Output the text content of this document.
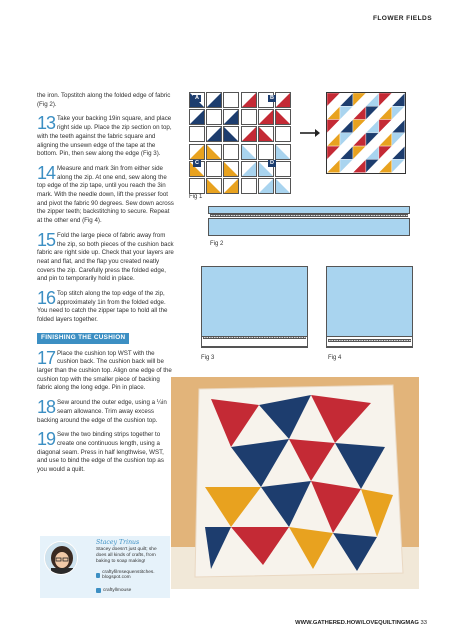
FLOWER FIELDS

the iron. Topstitch along the folded edge of fabric (Fig 2).

13 Take your backing 19in square, and place right side up. Place the zip section on top, with the teeth against the fabric square and aligning the unsewn edge of the tape at the bottom. Pin, then sew along the edge (Fig 3).
14 Measure and mark 3in from either side along the zip. At one end, sew along the top edge of the zip tape, until you reach the 3in mark. With the needle down, lift the presser foot and pivot the fabric 90 degrees. Sew down across the zipper teeth; backstitching to secure. Repeat at the other end (Fig 4).
15 Fold the large piece of fabric away from the zip, so both pieces of the cushion back fabric are right side up. Check that your layers are neat and flat, and the flap you created neatly covers the zip. Carefully press the folded edge, and pin to temporarily hold in place.
16 Top stitch along the top edge of the zip, approximately 1in from the folded edge. You need to catch the zipper tape to hold all the folded layers together.
FINISHING THE CUSHION
17 Place the cushion top WST with the cushion back. The cushion back will be larger than the cushion top. Align one edge of the cushion top with the smaller piece of backing fabric along the long edge. Pin in place.
18 Sew around the outer edge, using a ¼in seam allowance. Trim away excess backing around the edge of the cushion top.
19 Sew the two binding strips together to create one continuous length, using a diagonal seam. Press in half lengthwise, WST, and use to bind the edge of the cushion top as you would a quilt.
A	B
C	D
Fig 1
Fig 2
Fig 3	Fig 4
Stacey Trinus
Stacey doesn't just quilt; she does all kinds of crafts, from baking to soap making!
craftyfilmsequenstitches. blogspot.com
craftyllmouse
WWW.GATHERED.HOW/LOVEQUILTINGMAG 33
